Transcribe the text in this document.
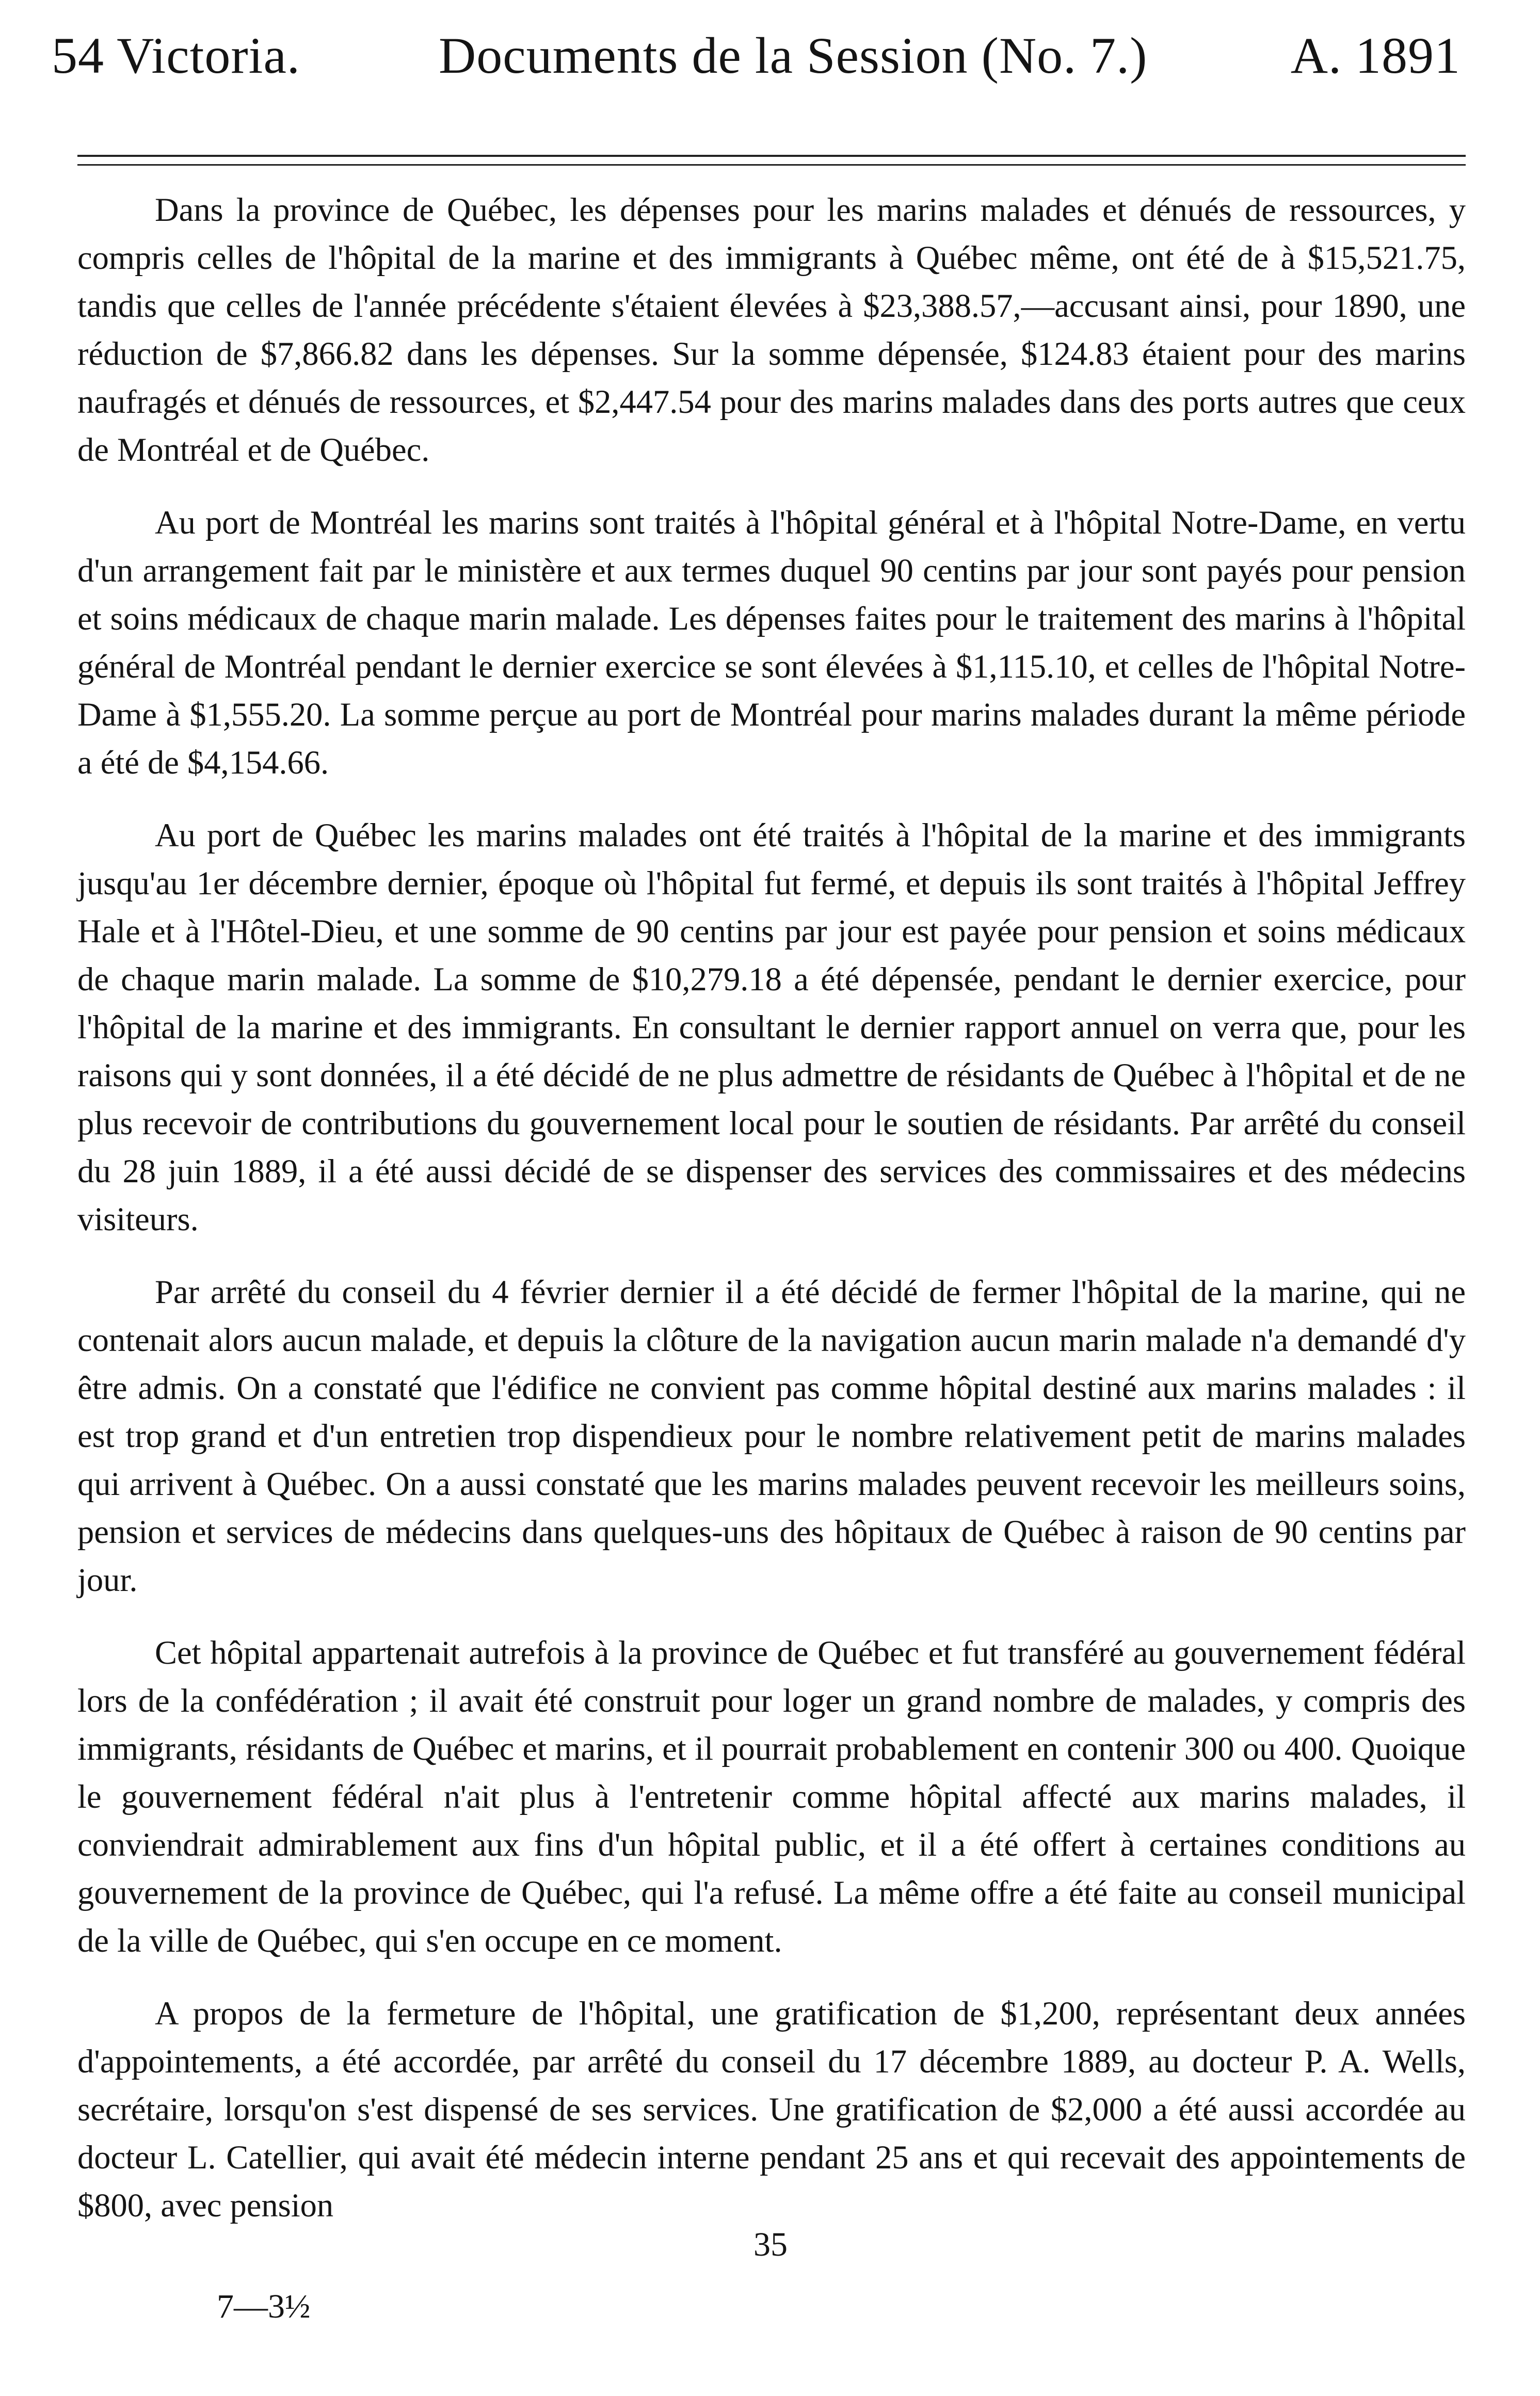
54 Victoria.	Documents de la Session (No. 7.)	A. 1891

Dans la province de Québec, les dépenses pour les marins malades et dénués de ressources, y compris celles de l'hôpital de la marine et des immigrants à Québec même, ont été de à $15,521.75, tandis que celles de l'année précédente s'étaient élevées à $23,388.57,—accusant ainsi, pour 1890, une réduction de $7,866.82 dans les dépenses. Sur la somme dépensée, $124.83 étaient pour des marins naufragés et dénués de ressources, et $2,447.54 pour des marins malades dans des ports autres que ceux de Montréal et de Québec.

Au port de Montréal les marins sont traités à l'hôpital général et à l'hôpital Notre-Dame, en vertu d'un arrangement fait par le ministère et aux termes duquel 90 centins par jour sont payés pour pension et soins médicaux de chaque marin malade. Les dépenses faites pour le traitement des marins à l'hôpital général de Montréal pendant le dernier exercice se sont élevées à $1,115.10, et celles de l'hôpital Notre-Dame à $1,555.20. La somme perçue au port de Montréal pour marins malades durant la même période a été de $4,154.66.

Au port de Québec les marins malades ont été traités à l'hôpital de la marine et des immigrants jusqu'au 1er décembre dernier, époque où l'hôpital fut fermé, et depuis ils sont traités à l'hôpital Jeffrey Hale et à l'Hôtel-Dieu, et une somme de 90 centins par jour est payée pour pension et soins médicaux de chaque marin malade. La somme de $10,279.18 a été dépensée, pendant le dernier exercice, pour l'hôpital de la marine et des immigrants. En consultant le dernier rapport annuel on verra que, pour les raisons qui y sont données, il a été décidé de ne plus admettre de résidants de Québec à l'hôpital et de ne plus recevoir de contributions du gouvernement local pour le soutien de résidants. Par arrêté du conseil du 28 juin 1889, il a été aussi décidé de se dispenser des services des commissaires et des médecins visiteurs.

Par arrêté du conseil du 4 février dernier il a été décidé de fermer l'hôpital de la marine, qui ne contenait alors aucun malade, et depuis la clôture de la navigation aucun marin malade n'a demandé d'y être admis. On a constaté que l'édifice ne convient pas comme hôpital destiné aux marins malades : il est trop grand et d'un entretien trop dispendieux pour le nombre relativement petit de marins malades qui arrivent à Québec. On a aussi constaté que les marins malades peuvent recevoir les meilleurs soins, pension et services de médecins dans quelques-uns des hôpitaux de Québec à raison de 90 centins par jour.

Cet hôpital appartenait autrefois à la province de Québec et fut transféré au gouvernement fédéral lors de la confédération ; il avait été construit pour loger un grand nombre de malades, y compris des immigrants, résidants de Québec et marins, et il pourrait probablement en contenir 300 ou 400. Quoique le gouvernement fédéral n'ait plus à l'entretenir comme hôpital affecté aux marins malades, il conviendrait admirablement aux fins d'un hôpital public, et il a été offert à certaines conditions au gouvernement de la province de Québec, qui l'a refusé. La même offre a été faite au conseil municipal de la ville de Québec, qui s'en occupe en ce moment.

A propos de la fermeture de l'hôpital, une gratification de $1,200, représentant deux années d'appointements, a été accordée, par arrêté du conseil du 17 décembre 1889, au docteur P. A. Wells, secrétaire, lorsqu'on s'est dispensé de ses services. Une gratification de $2,000 a été aussi accordée au docteur L. Catellier, qui avait été médecin interne pendant 25 ans et qui recevait des appointements de $800, avec pension

35
7—3½
